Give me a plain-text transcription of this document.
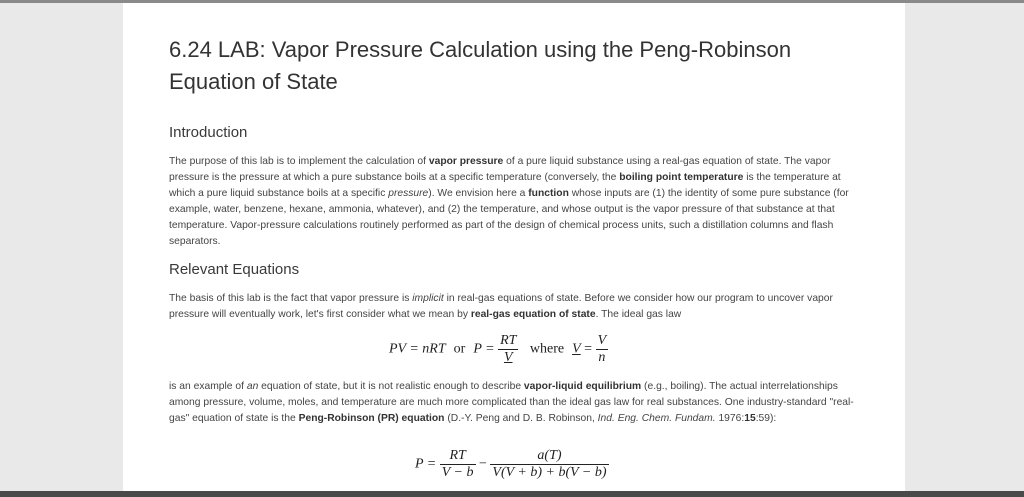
6.24 LAB: Vapor Pressure Calculation using the Peng-Robinson Equation of State
Introduction

The purpose of this lab is to implement the calculation of vapor pressure of a pure liquid substance using a real-gas equation of state. The vapor pressure is the pressure at which a pure substance boils at a specific temperature (conversely, the boiling point temperature is the temperature at which a pure liquid substance boils at a specific pressure). We envision here a function whose inputs are (1) the identity of some pure substance (for example, water, benzene, hexane, ammonia, whatever), and (2) the temperature, and whose output is the vapor pressure of that substance at that temperature. Vapor-pressure calculations routinely performed as part of the design of chemical process units, such a distillation columns and flash separators.

Relevant Equations

The basis of this lab is the fact that vapor pressure is implicit in real-gas equations of state. Before we consider how our program to uncover vapor pressure will eventually work, let's first consider what we mean by real-gas equation of state. The ideal gas law

PV = nRT or $P = \frac{RT}{V}$ where $V = \frac{V}{n}$

is an example of an equation of state, but it is not realistic enough to describe vapor-liquid equilibrium (e.g., boiling). The actual interrelationships among pressure, volume, moles, and temperature are much more complicated than the ideal gas law for real substances. One industry-standard "real-gas" equation of state is the Peng-Robinson (PR) equation (D.-Y. Peng and D. B. Robinson, Ind. Eng. Chem. Fundam. 1976:15:59):

$P = \frac{RT}{V - b} - \frac{a(T)}{V(V + b) + b(V - b)}$
